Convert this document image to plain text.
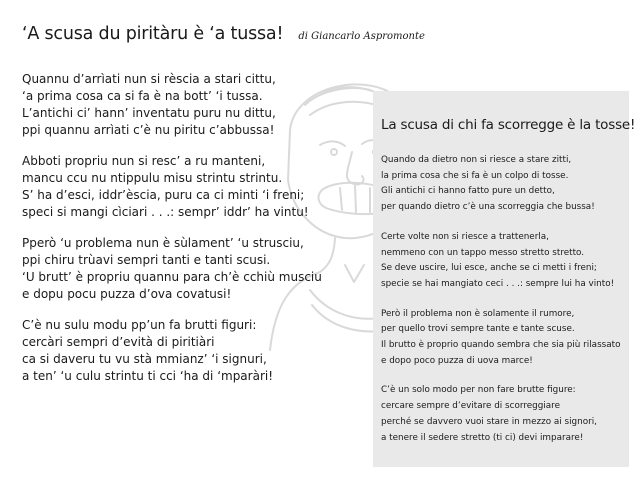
‘A scusa du piritàru è ‘a tussa! di Giancarlo Aspromonte
Quannu d’arrìati nun si rèscia a stari cittu,
‘a prima cosa ca si fa è na bott’ ‘i tussa.
L’antichi ci’ hann’ inventatu puru nu dittu,
ppi quannu arrìati c’è nu piritu c’abbussa!
Abboti propriu nun si resc’ a ru manteni,
mancu ccu nu ntippulu misu strintu strintu.
S’ ha d’esci, iddr’èscia, puru ca ci minti ‘i freni;
speci si mangi cìciari . . .: sempr’ iddr’ ha vintu!
Pperò ‘u problema nun è sùlament’ ‘u strusciu,
ppi chiru trùavi sempri tanti e tanti scusi.
‘U brutt’ è propriu quannu para ch’è cchiù musciu
e dopu pocu puzza d’ova covatusi!
C’è nu sulu modu pp’un fa brutti figuri:
cercàri sempri d’evità di piritiàri
ca si daveru tu vu stà mmianz’ ‘i signuri,
a ten’ ‘u culu strintu ti cci ‘ha di ‘mparàri!
La scusa di chi fa scorregge è la tosse!
Quando da dietro non si riesce a stare zitti,
la prima cosa che si fa è un colpo di tosse.
Gli antichi ci hanno fatto pure un detto,
per quando dietro c’è una scorreggia che bussa!
Certe volte non si riesce a trattenerla,
nemmeno con un tappo messo stretto stretto.
Se deve uscire, lui esce, anche se ci metti i freni;
specie se hai mangiato ceci . . .: sempre lui ha vinto!
Però il problema non è solamente il rumore,
per quello trovi sempre tante e tante scuse.
Il brutto è proprio quando sembra che sia più rilassato
e dopo poco puzza di uova marce!
C’è un solo modo per non fare brutte figure:
cercare sempre d’evitare di scorreggiare
perché se davvero vuoi stare in mezzo ai signori,
a tenere il sedere stretto (ti ci) devi imparare!
